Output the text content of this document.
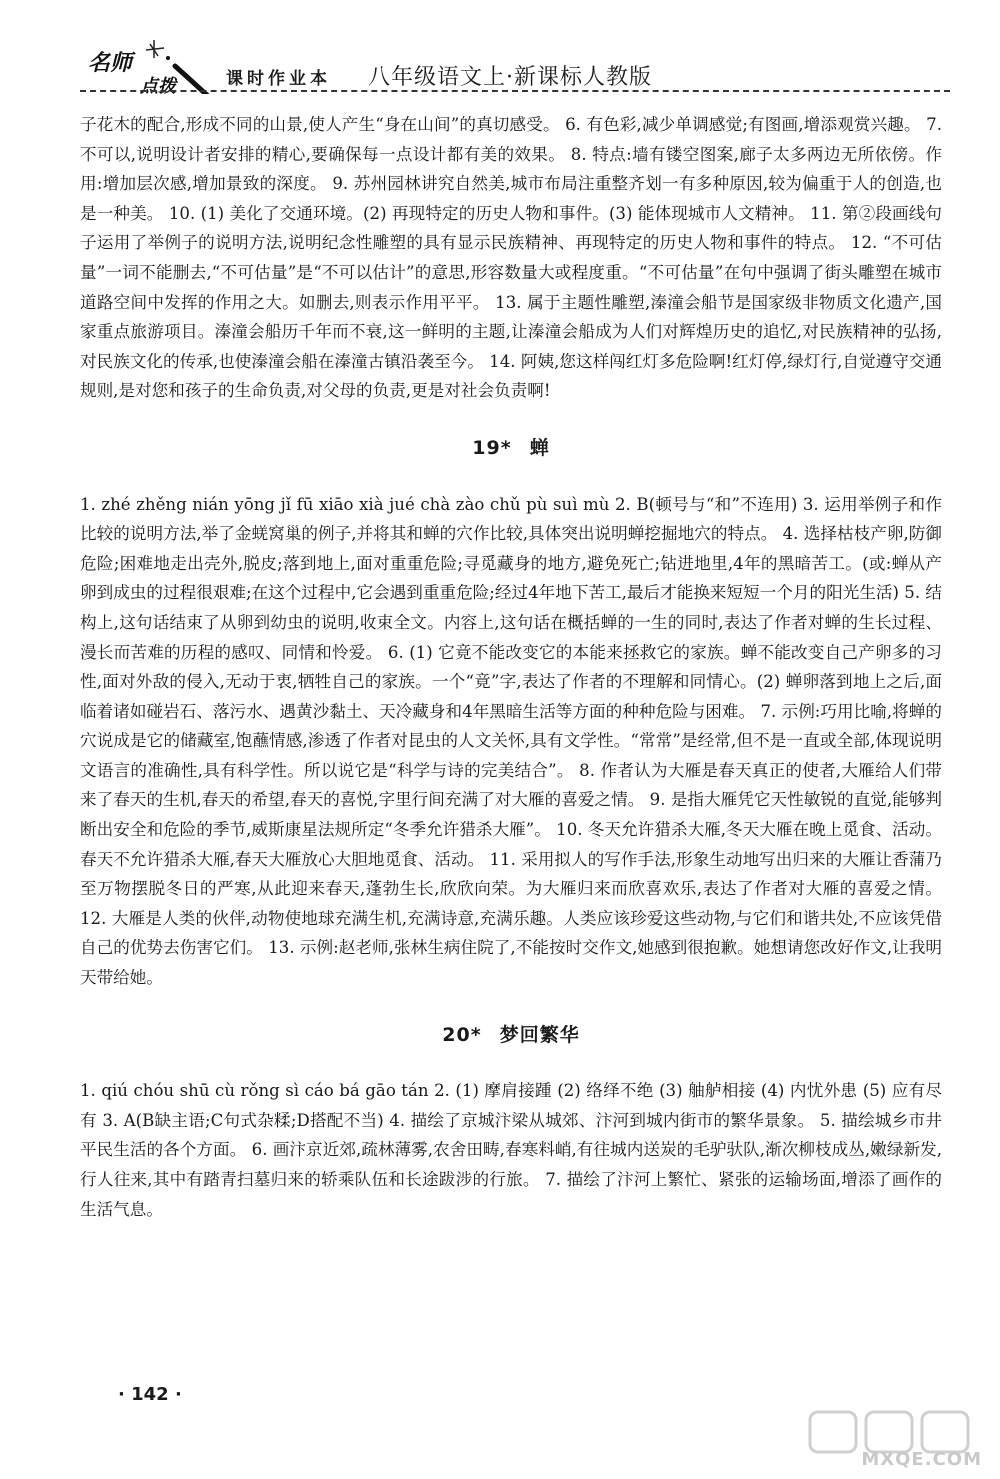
名师
点拨	课时作业本 八年级语文上·新课标人教版

子花木的配合,形成不同的山景,使人产生“身在山间”的真切感受。 6. 有色彩,减少单调感觉;有图画,增添观赏兴趣。 7. 不可以,说明设计者安排的精心,要确保每一点设计都有美的效果。 8. 特点:墙有镂空图案,廊子太多两边无所依傍。作用:增加层次感,增加景致的深度。 9. 苏州园林讲究自然美,城市布局注重整齐划一有多种原因,较为偏重于人的创造,也是一种美。 10. (1) 美化了交通环境。(2) 再现特定的历史人物和事件。(3) 能体现城市人文精神。 11. 第②段画线句子运用了举例子的说明方法,说明纪念性雕塑的具有显示民族精神、再现特定的历史人物和事件的特点。 12. “不可估量”一词不能删去,“不可估量”是“不可以估计”的意思,形容数量大或程度重。“不可估量”在句中强调了街头雕塑在城市道路空间中发挥的作用之大。如删去,则表示作用平平。 13. 属于主题性雕塑,溱潼会船节是国家级非物质文化遗产,国家重点旅游项目。溱潼会船历千年而不衰,这一鲜明的主题,让溱潼会船成为人们对辉煌历史的追忆,对民族精神的弘扬,对民族文化的传承,也使溱潼会船在溱潼古镇沿袭至今。 14. 阿姨,您这样闯红灯多危险啊!红灯停,绿灯行,自觉遵守交通规则,是对您和孩子的生命负责,对父母的负责,更是对社会负责啊!

19* 蝉

1. zhé zhěng nián yōng jǐ fū xiāo xià jué chà zào chǔ pù suì mù 2. B(顿号与“和”不连用) 3. 运用举例子和作比较的说明方法,举了金蜣窝巢的例子,并将其和蝉的穴作比较,具体突出说明蝉挖掘地穴的特点。 4. 选择枯枝产卵,防御危险;困难地走出壳外,脱皮;落到地上,面对重重危险;寻觅藏身的地方,避免死亡;钻进地里,4年的黑暗苦工。(或:蝉从产卵到成虫的过程很艰难;在这个过程中,它会遇到重重危险;经过4年地下苦工,最后才能换来短短一个月的阳光生活) 5. 结构上,这句话结束了从卵到幼虫的说明,收束全文。内容上,这句话在概括蝉的一生的同时,表达了作者对蝉的生长过程、漫长而苦难的历程的感叹、同情和怜爱。 6. (1) 它竟不能改变它的本能来拯救它的家族。蝉不能改变自己产卵多的习性,面对外敌的侵入,无动于衷,牺牲自己的家族。一个“竟”字,表达了作者的不理解和同情心。(2) 蝉卵落到地上之后,面临着诸如碰岩石、落污水、遇黄沙黏土、天冷藏身和4年黑暗生活等方面的种种危险与困难。 7. 示例:巧用比喻,将蝉的穴说成是它的储藏室,饱蘸情感,渗透了作者对昆虫的人文关怀,具有文学性。“常常”是经常,但不是一直或全部,体现说明文语言的准确性,具有科学性。所以说它是“科学与诗的完美结合”。 8. 作者认为大雁是春天真正的使者,大雁给人们带来了春天的生机,春天的希望,春天的喜悦,字里行间充满了对大雁的喜爱之情。 9. 是指大雁凭它天性敏锐的直觉,能够判断出安全和危险的季节,威斯康星法规所定“冬季允许猎杀大雁”。 10. 冬天允许猎杀大雁,冬天大雁在晚上觅食、活动。春天不允许猎杀大雁,春天大雁放心大胆地觅食、活动。 11. 采用拟人的写作手法,形象生动地写出归来的大雁让香蒲乃至万物摆脱冬日的严寒,从此迎来春天,蓬勃生长,欣欣向荣。为大雁归来而欣喜欢乐,表达了作者对大雁的喜爱之情。 12. 大雁是人类的伙伴,动物使地球充满生机,充满诗意,充满乐趣。人类应该珍爱这些动物,与它们和谐共处,不应该凭借自己的优势去伤害它们。 13. 示例:赵老师,张林生病住院了,不能按时交作文,她感到很抱歉。她想请您改好作文,让我明天带给她。

20* 梦回繁华

1. qiú chóu shū cù rǒng sì cáo bá gāo tán 2. (1) 摩肩接踵 (2) 络绎不绝 (3) 舳舻相接 (4) 内忧外患 (5) 应有尽有 3. A(B缺主语;C句式杂糅;D搭配不当) 4. 描绘了京城汴梁从城郊、汴河到城内街市的繁华景象。 5. 描绘城乡市井平民生活的各个方面。 6. 画汴京近郊,疏林薄雾,农舍田畴,春寒料峭,有往城内送炭的毛驴驮队,渐次柳枝成丛,嫩绿新发,行人往来,其中有踏青扫墓归来的轿乘队伍和长途跋涉的行旅。 7. 描绘了汴河上繁忙、紧张的运输场面,增添了画作的生活气息。

· 142 ·
MXQE.COM
